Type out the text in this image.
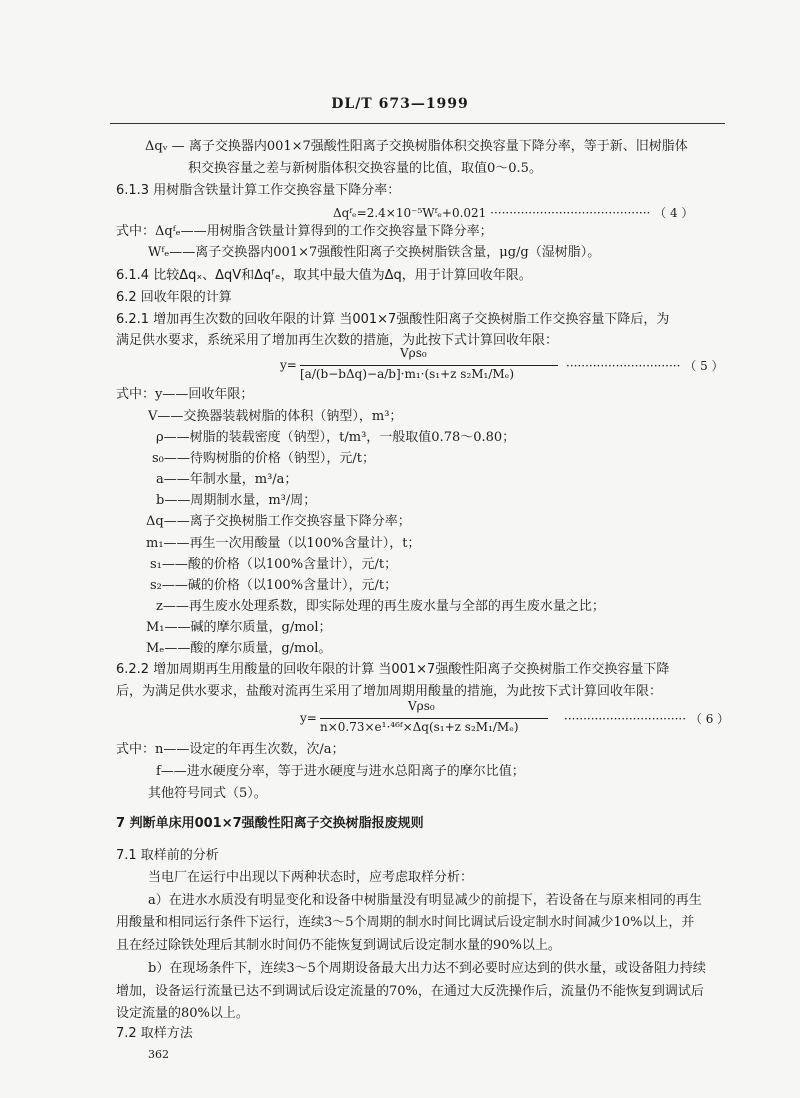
DL/T 673—1999
Δqᵥ — 离子交换器内001×7强酸性阳离子交换树脂体积交换容量下降分率，等于新、旧树脂体
积交换容量之差与新树脂体积交换容量的比值，取值0～0.5。
6.1.3 用树脂含铁量计算工作交换容量下降分率：
Δqᶠₑ=2.4×10⁻⁵Wᶠₑ+0.021 ·········································· （ 4 ）
式中：Δqᶠₑ——用树脂含铁量计算得到的工作交换容量下降分率；
Wᶠₑ——离子交换器内001×7强酸性阳离子交换树脂铁含量，μg/g（湿树脂）。
6.1.4 比较Δqₓ、ΔqV和Δqᶠₑ，取其中最大值为Δq，用于计算回收年限。
6.2 回收年限的计算
6.2.1 增加再生次数的回收年限的计算 当001×7强酸性阳离子交换树脂工作交换容量下降后，为
满足供水要求，系统采用了增加再生次数的措施，为此按下式计算回收年限：
Vρs₀
y=
[a/(b−bΔq)−a/b]·m₁·(s₁+z s₂M₁/Mₑ)
······························ （ 5 ）
式中：y——回收年限；
V——交换器装载树脂的体积（钠型），m³；
ρ——树脂的装载密度（钠型），t/m³，一般取值0.78～0.80；
s₀——待购树脂的价格（钠型），元/t；
a——年制水量，m³/a；
b——周期制水量，m³/周；
Δq——离子交换树脂工作交换容量下降分率；
m₁——再生一次用酸量（以100%含量计），t；
s₁——酸的价格（以100%含量计），元/t；
s₂——碱的价格（以100%含量计），元/t；
z——再生废水处理系数，即实际处理的再生废水量与全部的再生废水量之比；
M₁——碱的摩尔质量，g/mol；
Mₑ——酸的摩尔质量，g/mol。
6.2.2 增加周期再生用酸量的回收年限的计算 当001×7强酸性阳离子交换树脂工作交换容量下降
后，为满足供水要求，盐酸对流再生采用了增加周期用酸量的措施，为此按下式计算回收年限：
Vρs₀
y=
n×0.73×e¹·⁴⁶ᶠ×Δq(s₁+z s₂M₁/Mₑ)
································ （ 6 ）
式中：n——设定的年再生次数，次/a；
f——进水硬度分率，等于进水硬度与进水总阳离子的摩尔比值；
其他符号同式（5）。
7 判断单床用001×7强酸性阳离子交换树脂报废规则
7.1 取样前的分析
当电厂在运行中出现以下两种状态时，应考虑取样分析：
a）在进水水质没有明显变化和设备中树脂量没有明显减少的前提下，若设备在与原来相同的再生
用酸量和相同运行条件下运行，连续3～5个周期的制水时间比调试后设定制水时间减少10%以上，并
且在经过除铁处理后其制水时间仍不能恢复到调试后设定制水量的90%以上。
b）在现场条件下，连续3～5个周期设备最大出力达不到必要时应达到的供水量，或设备阻力持续
增加，设备运行流量已达不到调试后设定流量的70%，在通过大反洗操作后，流量仍不能恢复到调试后
设定流量的80%以上。
7.2 取样方法
362
